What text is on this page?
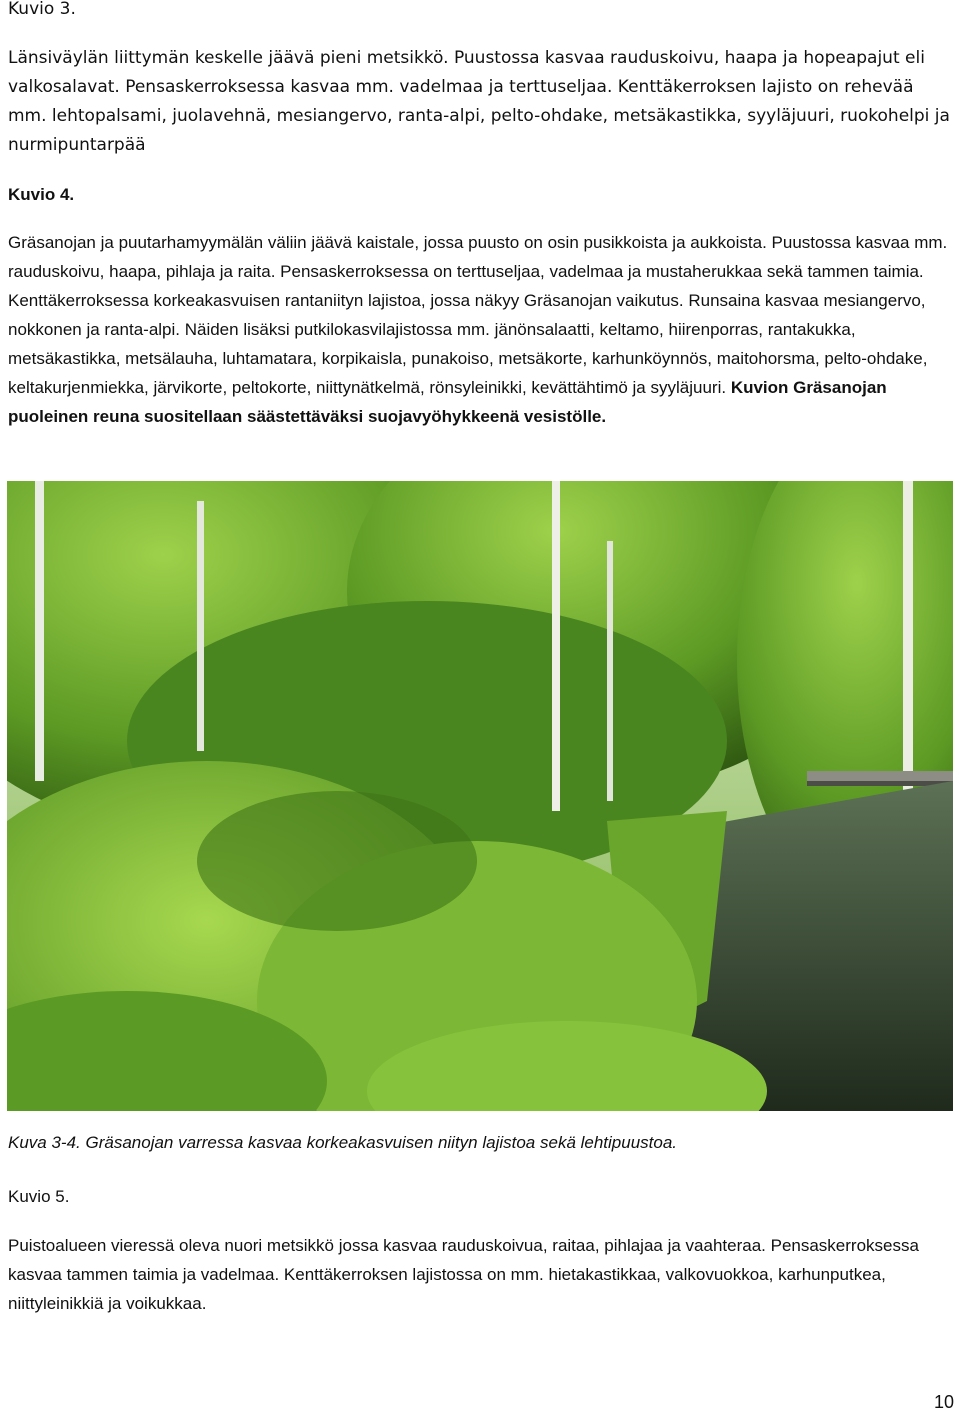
Kuvio 3.
Länsiväylän liittymän keskelle jäävä pieni metsikkö. Puustossa kasvaa rauduskoivu, haapa ja hopeapajut eli valkosalavat. Pensaskerroksessa kasvaa mm. vadelmaa ja terttuseljaa. Kenttäkerroksen lajisto on rehevää mm. lehtopalsami, juolavehnä, mesiangervo, ranta-alpi, pelto-ohdake, metsäkastikka, syyläjuuri, ruokohelpi ja nurmipuntarpää
Kuvio 4.
Gräsanojan ja puutarhamyymälän väliin jäävä kaistale, jossa puusto on osin pusikkoista ja aukkoista. Puustossa kasvaa mm. rauduskoivu, haapa, pihlaja ja raita. Pensaskerroksessa on terttuseljaa, vadelmaa ja mustaherukkaa sekä tammen taimia. Kenttäkerroksessa korkeakasvuisen rantaniityn lajistoa, jossa näkyy Gräsanojan vaikutus. Runsaina kasvaa mesiangervo, nokkonen ja ranta-alpi. Näiden lisäksi putkilokasvilajistossa mm. jänönsalaatti, keltamo, hiirenporras, rantakukka, metsäkastikka, metsälauha, luhtamatara, korpikaisla, punakoiso, metsäkorte, karhunköynnös, maitohorsma, pelto-ohdake, keltakurjenmiekka, järvikorte, peltokorte, niittynätkelmä, rönsyleinikki, kevättähtimö ja syyläjuuri. Kuvion Gräsanojan puoleinen reuna suositellaan säästettäväksi suojavyöhykkeenä vesistölle.
Kuva 3-4. Gräsanojan varressa kasvaa korkeakasvuisen niityn lajistoa sekä lehtipuustoa.
Kuvio 5.
Puistoalueen vieressä oleva nuori metsikkö jossa kasvaa rauduskoivua, raitaa, pihlajaa ja vaahteraa. Pensaskerroksessa kasvaa tammen taimia ja vadelmaa. Kenttäkerroksen lajistossa on mm. hietakastikkaa, valkovuokkoa, karhunputkea, niittyleinikkiä ja voikukkaa.
10
